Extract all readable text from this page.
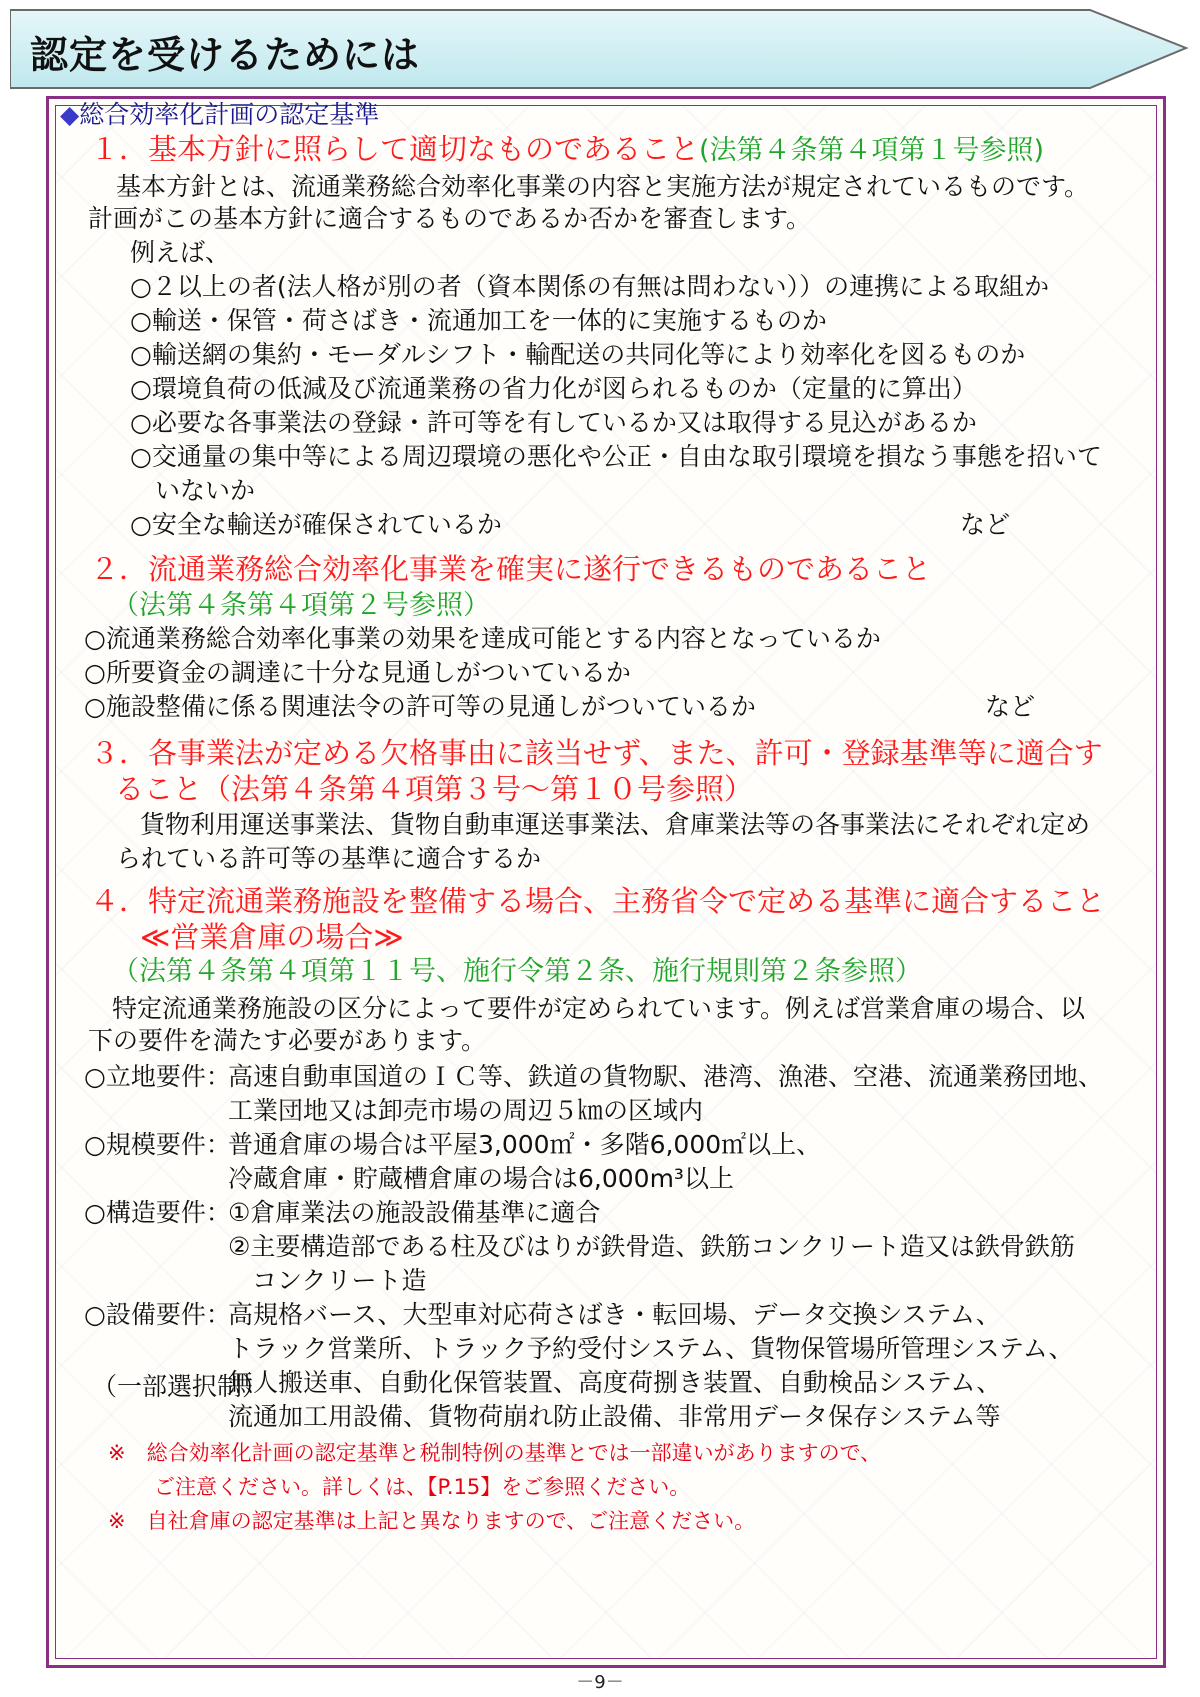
認定を受けるためには
◆総合効率化計画の認定基準
１．基本方針に照らして適切なものであること(法第４条第４項第１号参照)
基本方針とは、流通業務総合効率化事業の内容と実施方法が規定されているものです。
計画がこの基本方針に適合するものであるか否かを審査します。
例えば、
○２以上の者(法人格が別の者（資本関係の有無は問わない））の連携による取組か
○輸送・保管・荷さばき・流通加工を一体的に実施するものか
○輸送網の集約・モーダルシフト・輸配送の共同化等により効率化を図るものか
○環境負荷の低減及び流通業務の省力化が図られるものか（定量的に算出）
○必要な各事業法の登録・許可等を有しているか又は取得する見込があるか
○交通量の集中等による周辺環境の悪化や公正・自由な取引環境を損なう事態を招いて
いないか
○安全な輸送が確保されているか	など
２．流通業務総合効率化事業を確実に遂行できるものであること
（法第４条第４項第２号参照）
○流通業務総合効率化事業の効果を達成可能とする内容となっているか
○所要資金の調達に十分な見通しがついているか
○施設整備に係る関連法令の許可等の見通しがついているか	など
３．各事業法が定める欠格事由に該当せず、また、許可・登録基準等に適合す
ること（法第４条第４項第３号～第１０号参照）
貨物利用運送事業法、貨物自動車運送事業法、倉庫業法等の各事業法にそれぞれ定め
られている許可等の基準に適合するか
４．特定流通業務施設を整備する場合、主務省令で定める基準に適合すること
≪営業倉庫の場合≫
（法第４条第４項第１１号、施行令第２条、施行規則第２条参照）
特定流通業務施設の区分によって要件が定められています。例えば営業倉庫の場合、以
下の要件を満たす必要があります。
○立地要件：
高速自動車国道のＩＣ等、鉄道の貨物駅、港湾、漁港、空港、流通業務団地、
工業団地又は卸売市場の周辺５㎞の区域内
○規模要件：
普通倉庫の場合は平屋3,000㎡・多階6,000㎡以上、
冷蔵倉庫・貯蔵槽倉庫の場合は6,000m³以上
○構造要件：
①倉庫業法の施設設備基準に適合
②主要構造部である柱及びはりが鉄骨造、鉄筋コンクリート造又は鉄骨鉄筋
コンクリート造
○設備要件：
高規格バース、大型車対応荷さばき・転回場、データ交換システム、
トラック営業所、トラック予約受付システム、貨物保管場所管理システム、
（一部選択制）
無人搬送車、自動化保管装置、高度荷捌き装置、自動検品システム、
流通加工用設備、貨物荷崩れ防止設備、非常用データ保存システム等
※　総合効率化計画の認定基準と税制特例の基準とでは一部違いがありますので、
ご注意ください。詳しくは、【P.15】をご参照ください。
※　自社倉庫の認定基準は上記と異なりますので、ご注意ください。
－9－
